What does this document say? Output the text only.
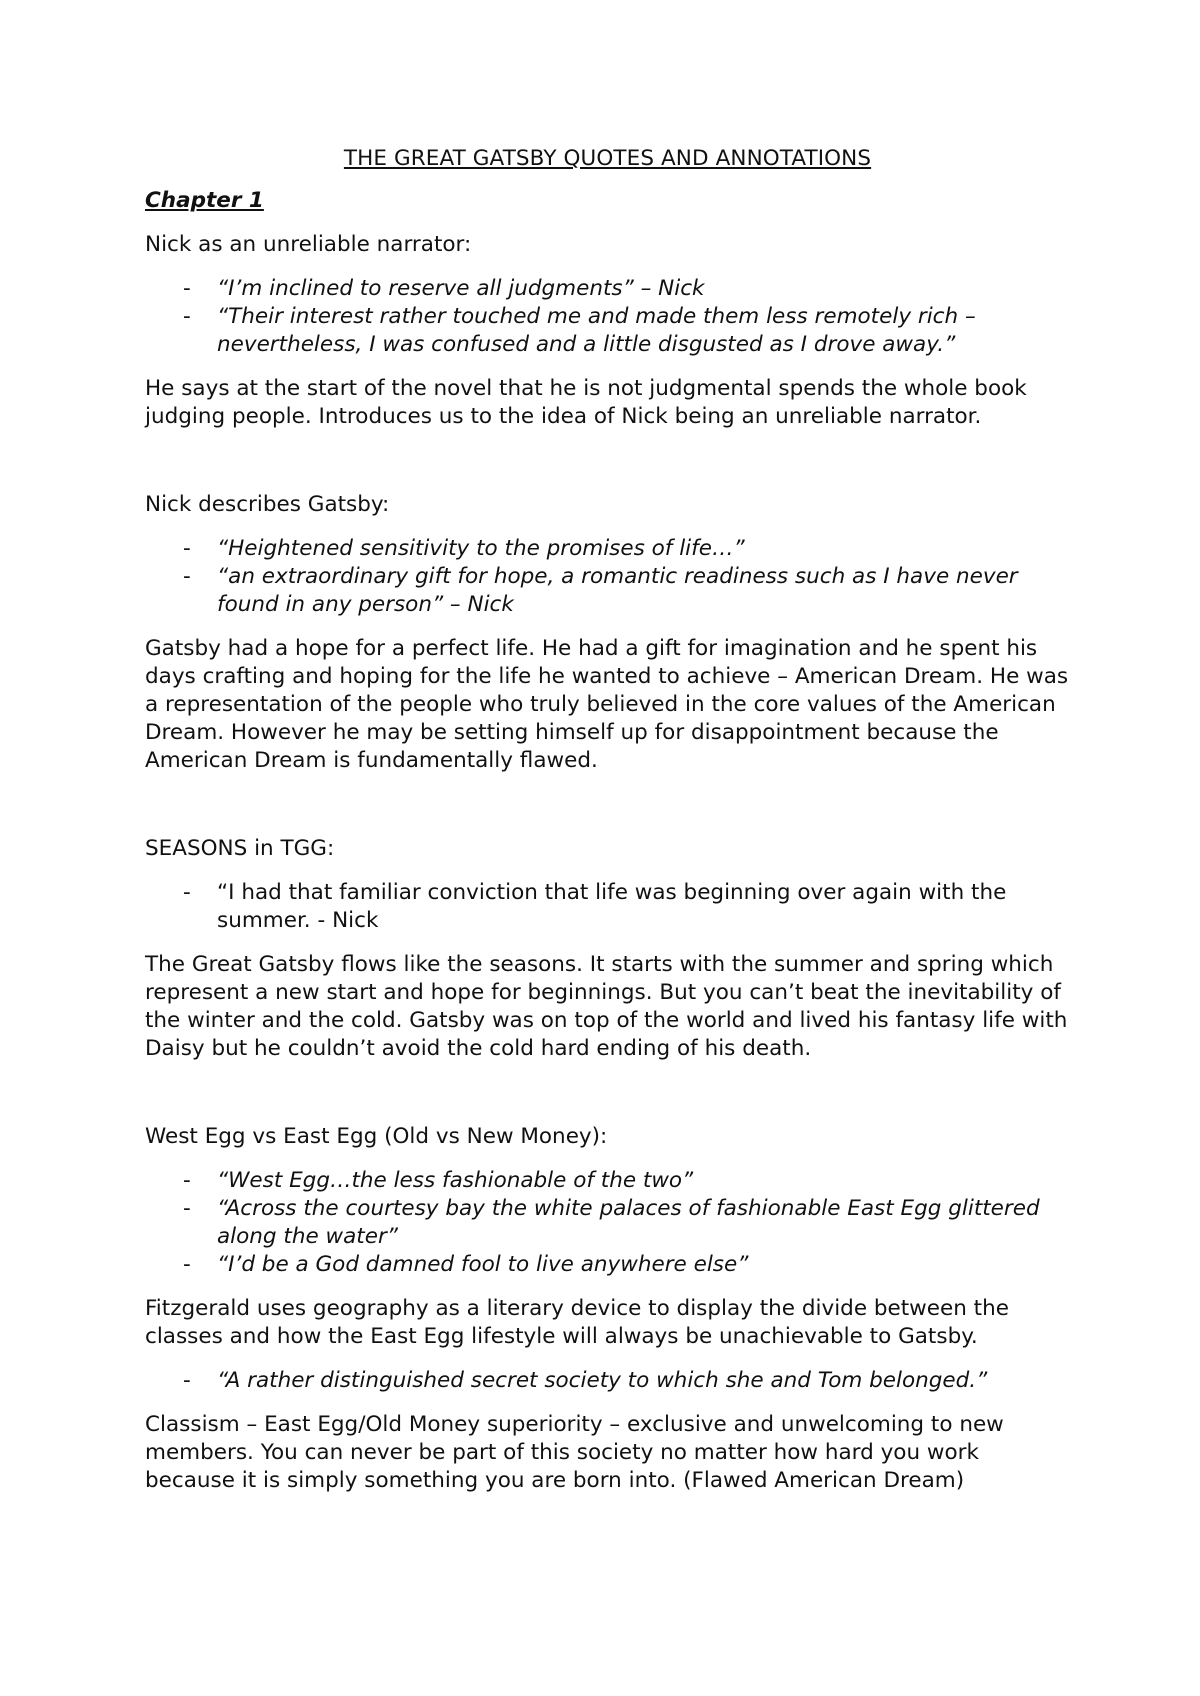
THE GREAT GATSBY QUOTES AND ANNOTATIONS
Chapter 1
Nick as an unreliable narrator:
- “I’m inclined to reserve all judgments” – Nick
- “Their interest rather touched me and made them less remotely rich – nevertheless, I was confused and a little disgusted as I drove away.”
He says at the start of the novel that he is not judgmental spends the whole book judging people. Introduces us to the idea of Nick being an unreliable narrator.
Nick describes Gatsby:
- “Heightened sensitivity to the promises of life…”
- “an extraordinary gift for hope, a romantic readiness such as I have never found in any person” – Nick
Gatsby had a hope for a perfect life. He had a gift for imagination and he spent his days crafting and hoping for the life he wanted to achieve – American Dream. He was a representation of the people who truly believed in the core values of the American Dream. However he may be setting himself up for disappointment because the American Dream is fundamentally flawed.
SEASONS in TGG:
- “I had that familiar conviction that life was beginning over again with the summer. - Nick
The Great Gatsby flows like the seasons. It starts with the summer and spring which represent a new start and hope for beginnings. But you can’t beat the inevitability of the winter and the cold. Gatsby was on top of the world and lived his fantasy life with Daisy but he couldn’t avoid the cold hard ending of his death.
West Egg vs East Egg (Old vs New Money):
- “West Egg…the less fashionable of the two”
- “Across the courtesy bay the white palaces of fashionable East Egg glittered along the water”
- “I’d be a God damned fool to live anywhere else”
Fitzgerald uses geography as a literary device to display the divide between the classes and how the East Egg lifestyle will always be unachievable to Gatsby.
- “A rather distinguished secret society to which she and Tom belonged.”
Classism – East Egg/Old Money superiority – exclusive and unwelcoming to new members. You can never be part of this society no matter how hard you work because it is simply something you are born into. (Flawed American Dream)
